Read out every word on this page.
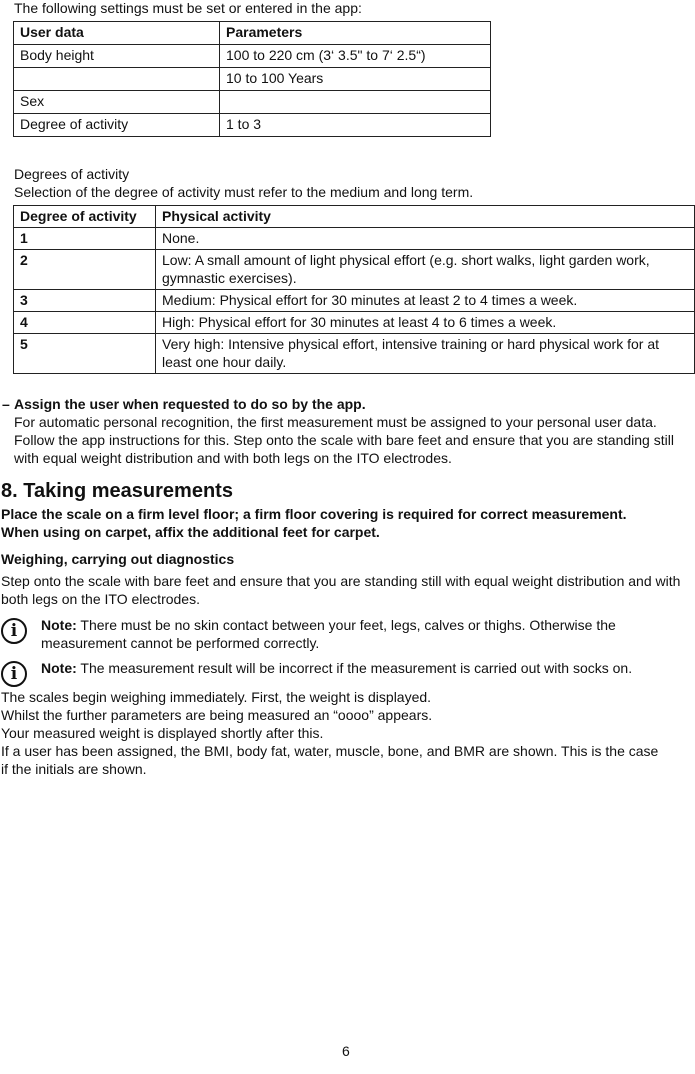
The following settings must be set or entered in the app:

User data	Parameters
Body height	100 to 220 cm (3‘ 3.5" to 7‘ 2.5“)
	10 to 100 Years
Sex	
Degree of activity	1 to 3

Degrees of activity

Selection of the degree of activity must refer to the medium and long term.

Degree of activity	Physical activity
1	None.
2	Low: A small amount of light physical effort (e.g. short walks, light garden work, gymnastic exercises).
3	Medium: Physical effort for 30 minutes at least 2 to 4 times a week.
4	High: Physical effort for 30 minutes at least 4 to 6 times a week.
5	Very high: Intensive physical effort, intensive training or hard physical work for at least one hour daily.
– Assign the user when requested to do so by the app.
For automatic personal recognition, the first measurement must be assigned to your personal user data. Follow the app instructions for this. Step onto the scale with bare feet and ensure that you are standing still with equal weight distribution and with both legs on the ITO electrodes.
8. Taking measurements
Place the scale on a firm level floor; a firm floor covering is required for correct measurement.
When using on carpet, affix the additional feet for carpet.

Weighing, carrying out diagnostics

Step onto the scale with bare feet and ensure that you are standing still with equal weight distribution and with both legs on the ITO electrodes.

i	Note: There must be no skin contact between your feet, legs, calves or thighs. Otherwise the measurement cannot be performed correctly.
i	Note: The measurement result will be incorrect if the measurement is carried out with socks on.
The scales begin weighing immediately. First, the weight is displayed.
Whilst the further parameters are being measured an “oooo” appears.
Your measured weight is displayed shortly after this.
If a user has been assigned, the BMI, body fat, water, muscle, bone, and BMR are shown. This is the case if the initials are shown.
6
